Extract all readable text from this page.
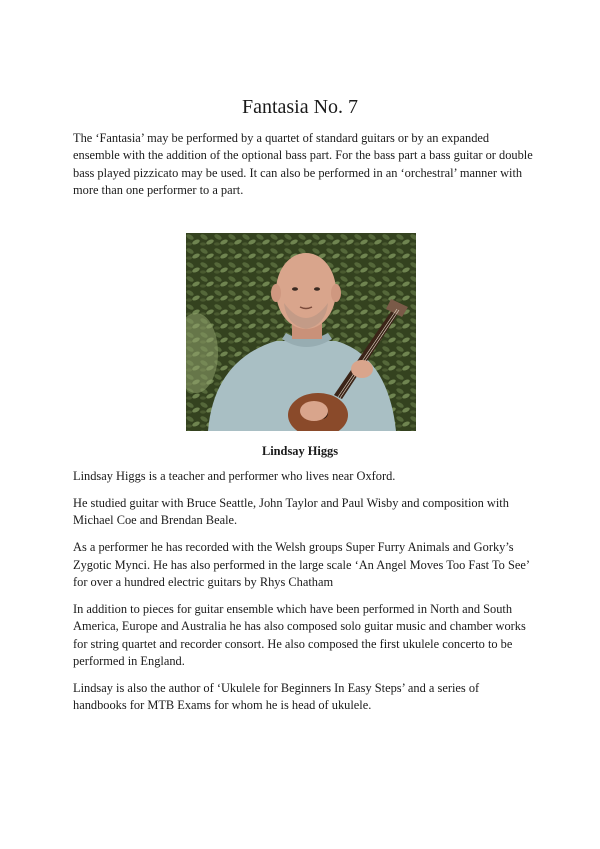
Fantasia No. 7

The ‘Fantasia’ may be performed by a quartet of standard guitars or by an expanded ensemble with the addition of the optional bass part. For the bass part a bass guitar or double bass played pizzicato may be used. It can also be performed in an ‘orchestral’ manner with more than one performer to a part.

Lindsay Higgs

Lindsay Higgs is a teacher and performer who lives near Oxford.

He studied guitar with Bruce Seattle, John Taylor and Paul Wisby and composition with Michael Coe and Brendan Beale.

As a performer he has recorded with the Welsh groups Super Furry Animals and Gorky’s Zygotic Mynci. He has also performed in the large scale ‘An Angel Moves Too Fast To See’ for over a hundred electric guitars by Rhys Chatham

In addition to pieces for guitar ensemble which have been performed in North and South America, Europe and Australia he has also composed solo guitar music and chamber works for string quartet and recorder consort. He also composed the first ukulele concerto to be performed in England.

Lindsay is also the author of ‘Ukulele for Beginners In Easy Steps’ and a series of handbooks for MTB Exams for whom he is head of ukulele.
